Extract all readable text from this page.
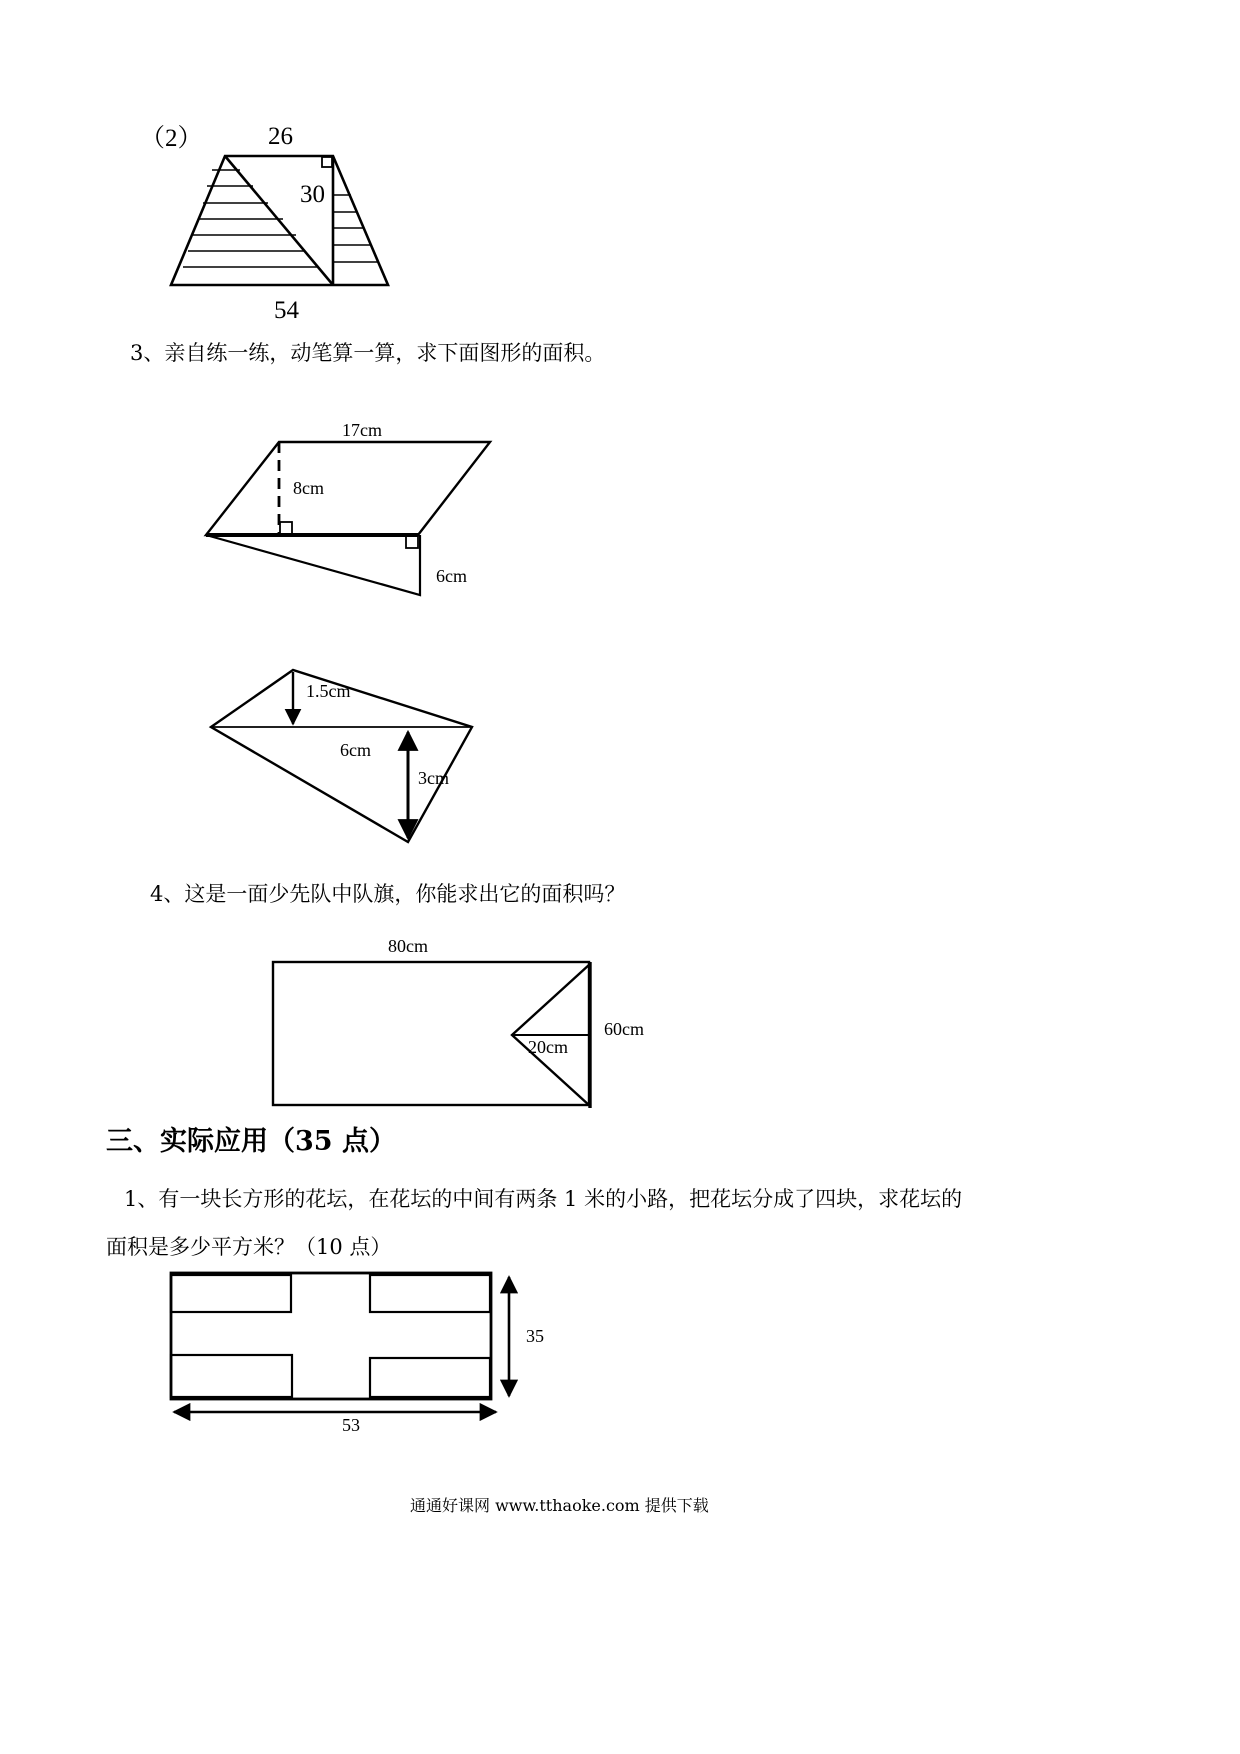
（2）	26
30
54
3、亲自练一练，动笔算一算，求下面图形的面积。
17cm
8cm
6cm
1.5cm
6cm
3cm
4、这是一面少先队中队旗，你能求出它的面积吗？
80cm
60cm
20cm
三、实际应用（35 点）
1、有一块长方形的花坛，在花坛的中间有两条 1 米的小路，把花坛分成了四块，求花坛的
面积是多少平方米？（10 点）
35
53
通通好课网 www.tthaoke.com 提供下载
